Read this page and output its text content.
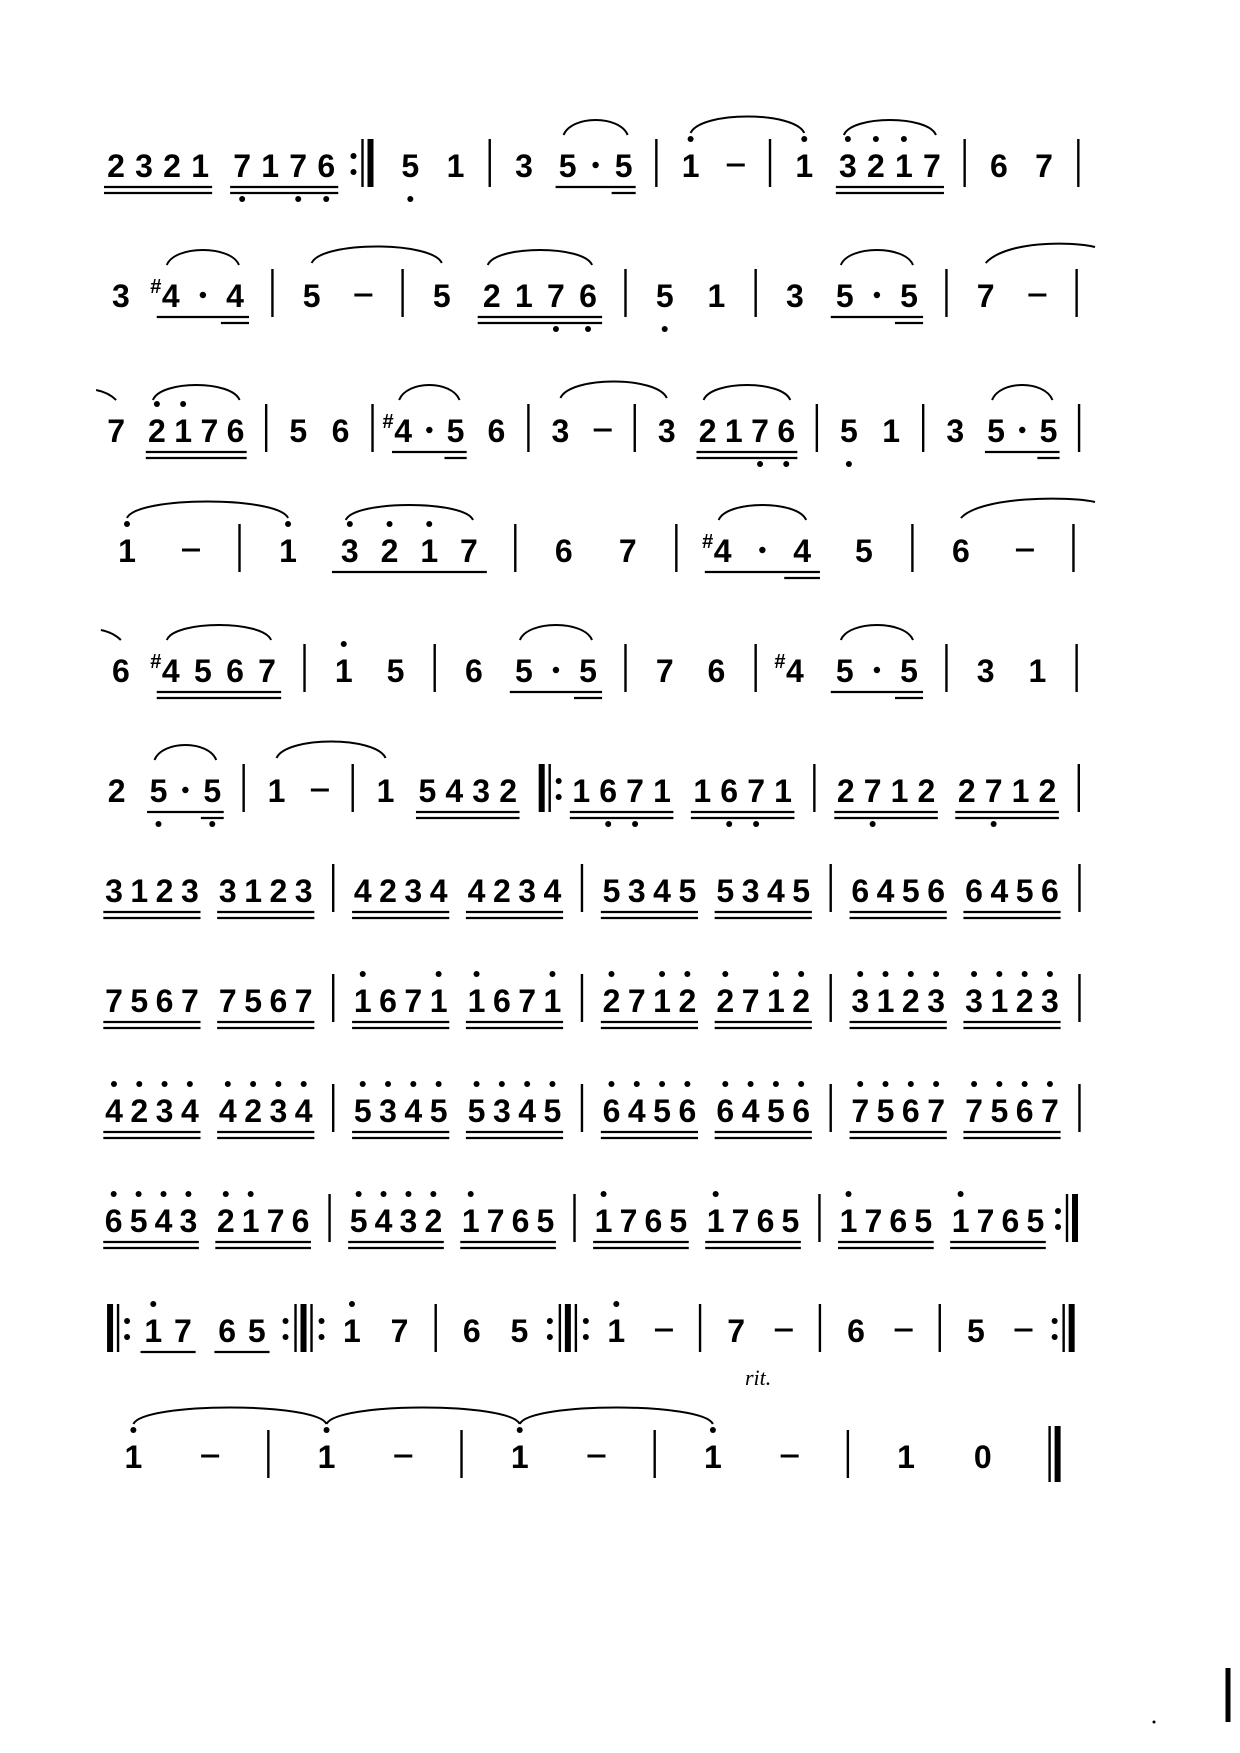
2 3 2 1 7 1 7 6 5 1 3 5 5 1	1 3 2 1 7 6 7
3 # 4 4 5	5 2 1 7 6 5 1 3 5 5 7
7 2 1 7 6 5 6 # 4 5 6 3	3 2 1 7 6 5 1 3 5 5
1	1 3 2 1 7 6 7	# 4 4 5 6
6 # 4 5 6 7 1 5 6 5 5 7 6 # 4 5 5 3 1
2 5 5 1	1 5 4 3 2 1 6 7 1 1 6 7 1 2 7 1 2 2 7 1 2
3 1 2 3 3 1 2 3 4 2 3 4 4 2 3 4 5 3 4 5 5 3 4 5 6 4 5 6 6 4 5 6
7 5 6 7 7 5 6 7 1 6 7 1 1 6 7 1 2 7 1 2 2 7 1 2 3 1 2 3 3 1 2 3
4 2 3 4 4 2 3 4 5 3 4 5 5 3 4 5 6 4 5 6 6 4 5 6 7 5 6 7 7 5 6 7
6 5 4 3 2 1 7 6 5 4 3 2 1 7 6 5 1 7 6 5 1 7 6 5 1 7 6 5 1 7 6 5
1 7 6 5 1 7 6 5 1	7	6	5
1	1	1	1	1 0
rit.
